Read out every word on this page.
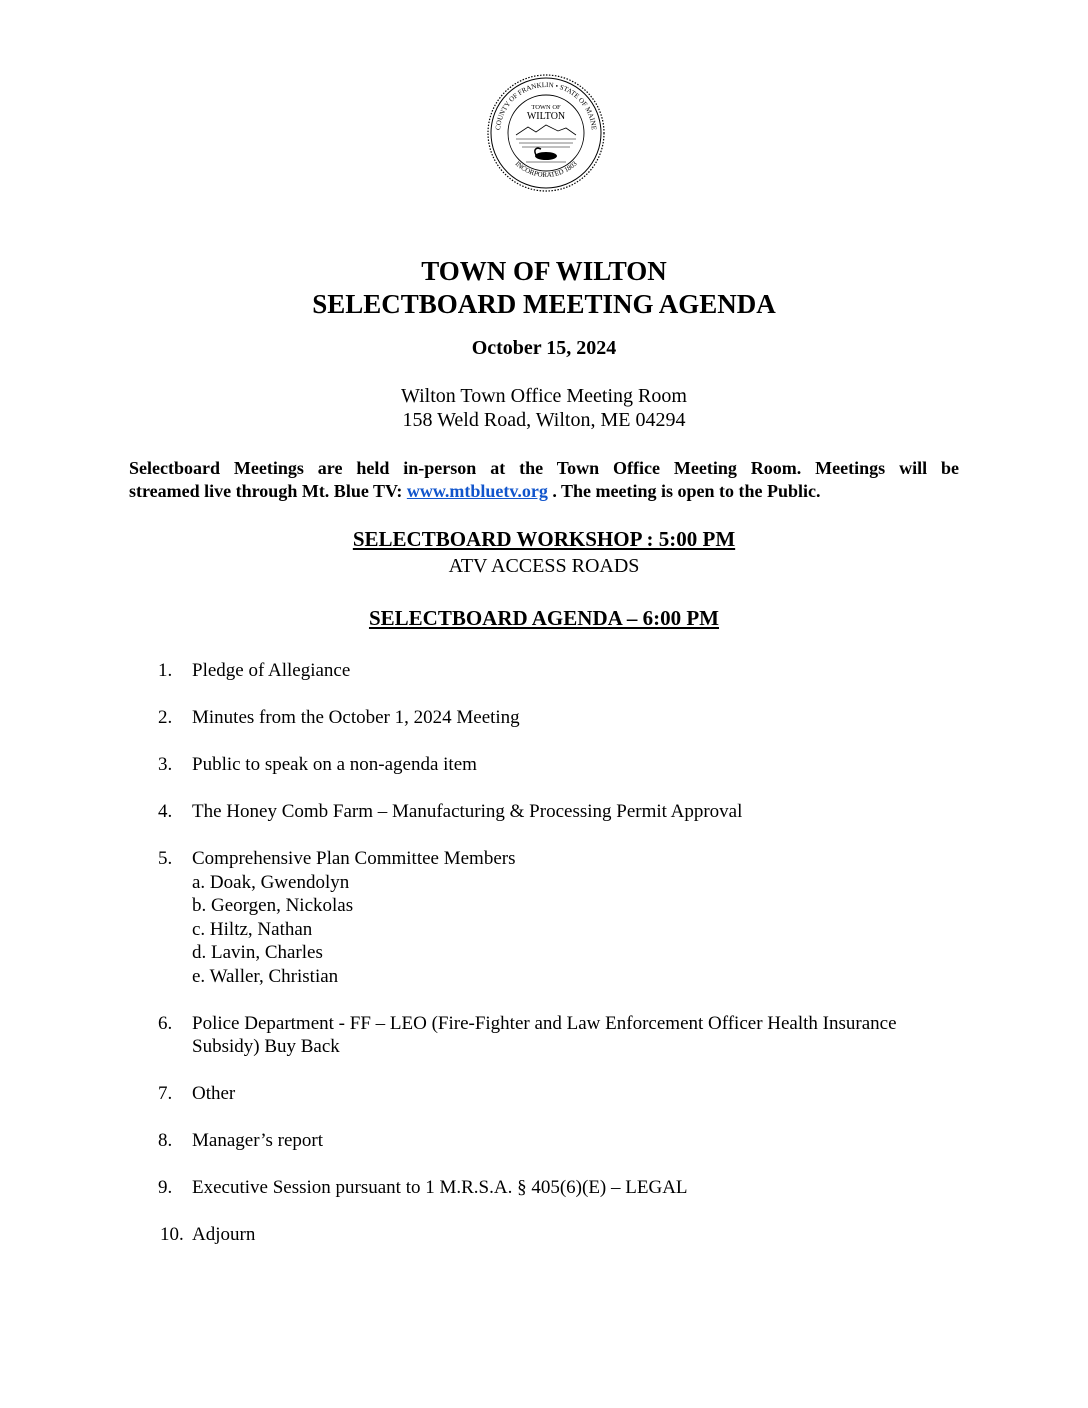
COUNTY OF FRANKLIN • STATE OF MAINE
INCORPORATED 1803
TOWN OF
WILTON
TOWN OF WILTON
SELECTBOARD MEETING AGENDA
October 15, 2024
Wilton Town Office Meeting Room
158 Weld Road, Wilton, ME 04294
Selectboard Meetings are held in-person at the Town Office Meeting Room. Meetings will be
streamed live through Mt. Blue TV: www.mtbluetv.org . The meeting is open to the Public.
SELECTBOARD WORKSHOP : 5:00 PM
ATV ACCESS ROADS
SELECTBOARD AGENDA – 6:00 PM
1.	Pledge of Allegiance
2.	Minutes from the October 1, 2024 Meeting
3.	Public to speak on a non-agenda item
4.	The Honey Comb Farm – Manufacturing & Processing Permit Approval
5.	Comprehensive Plan Committee Members
a. Doak, Gwendolyn
b. Georgen, Nickolas
c. Hiltz, Nathan
d. Lavin, Charles
e. Waller, Christian
6.	Police Department - FF – LEO (Fire-Fighter and Law Enforcement Officer Health Insurance Subsidy) Buy Back
7.	Other
8.	Manager’s report
9.	Executive Session pursuant to 1 M.R.S.A. § 405(6)(E) – LEGAL
10. Adjourn
